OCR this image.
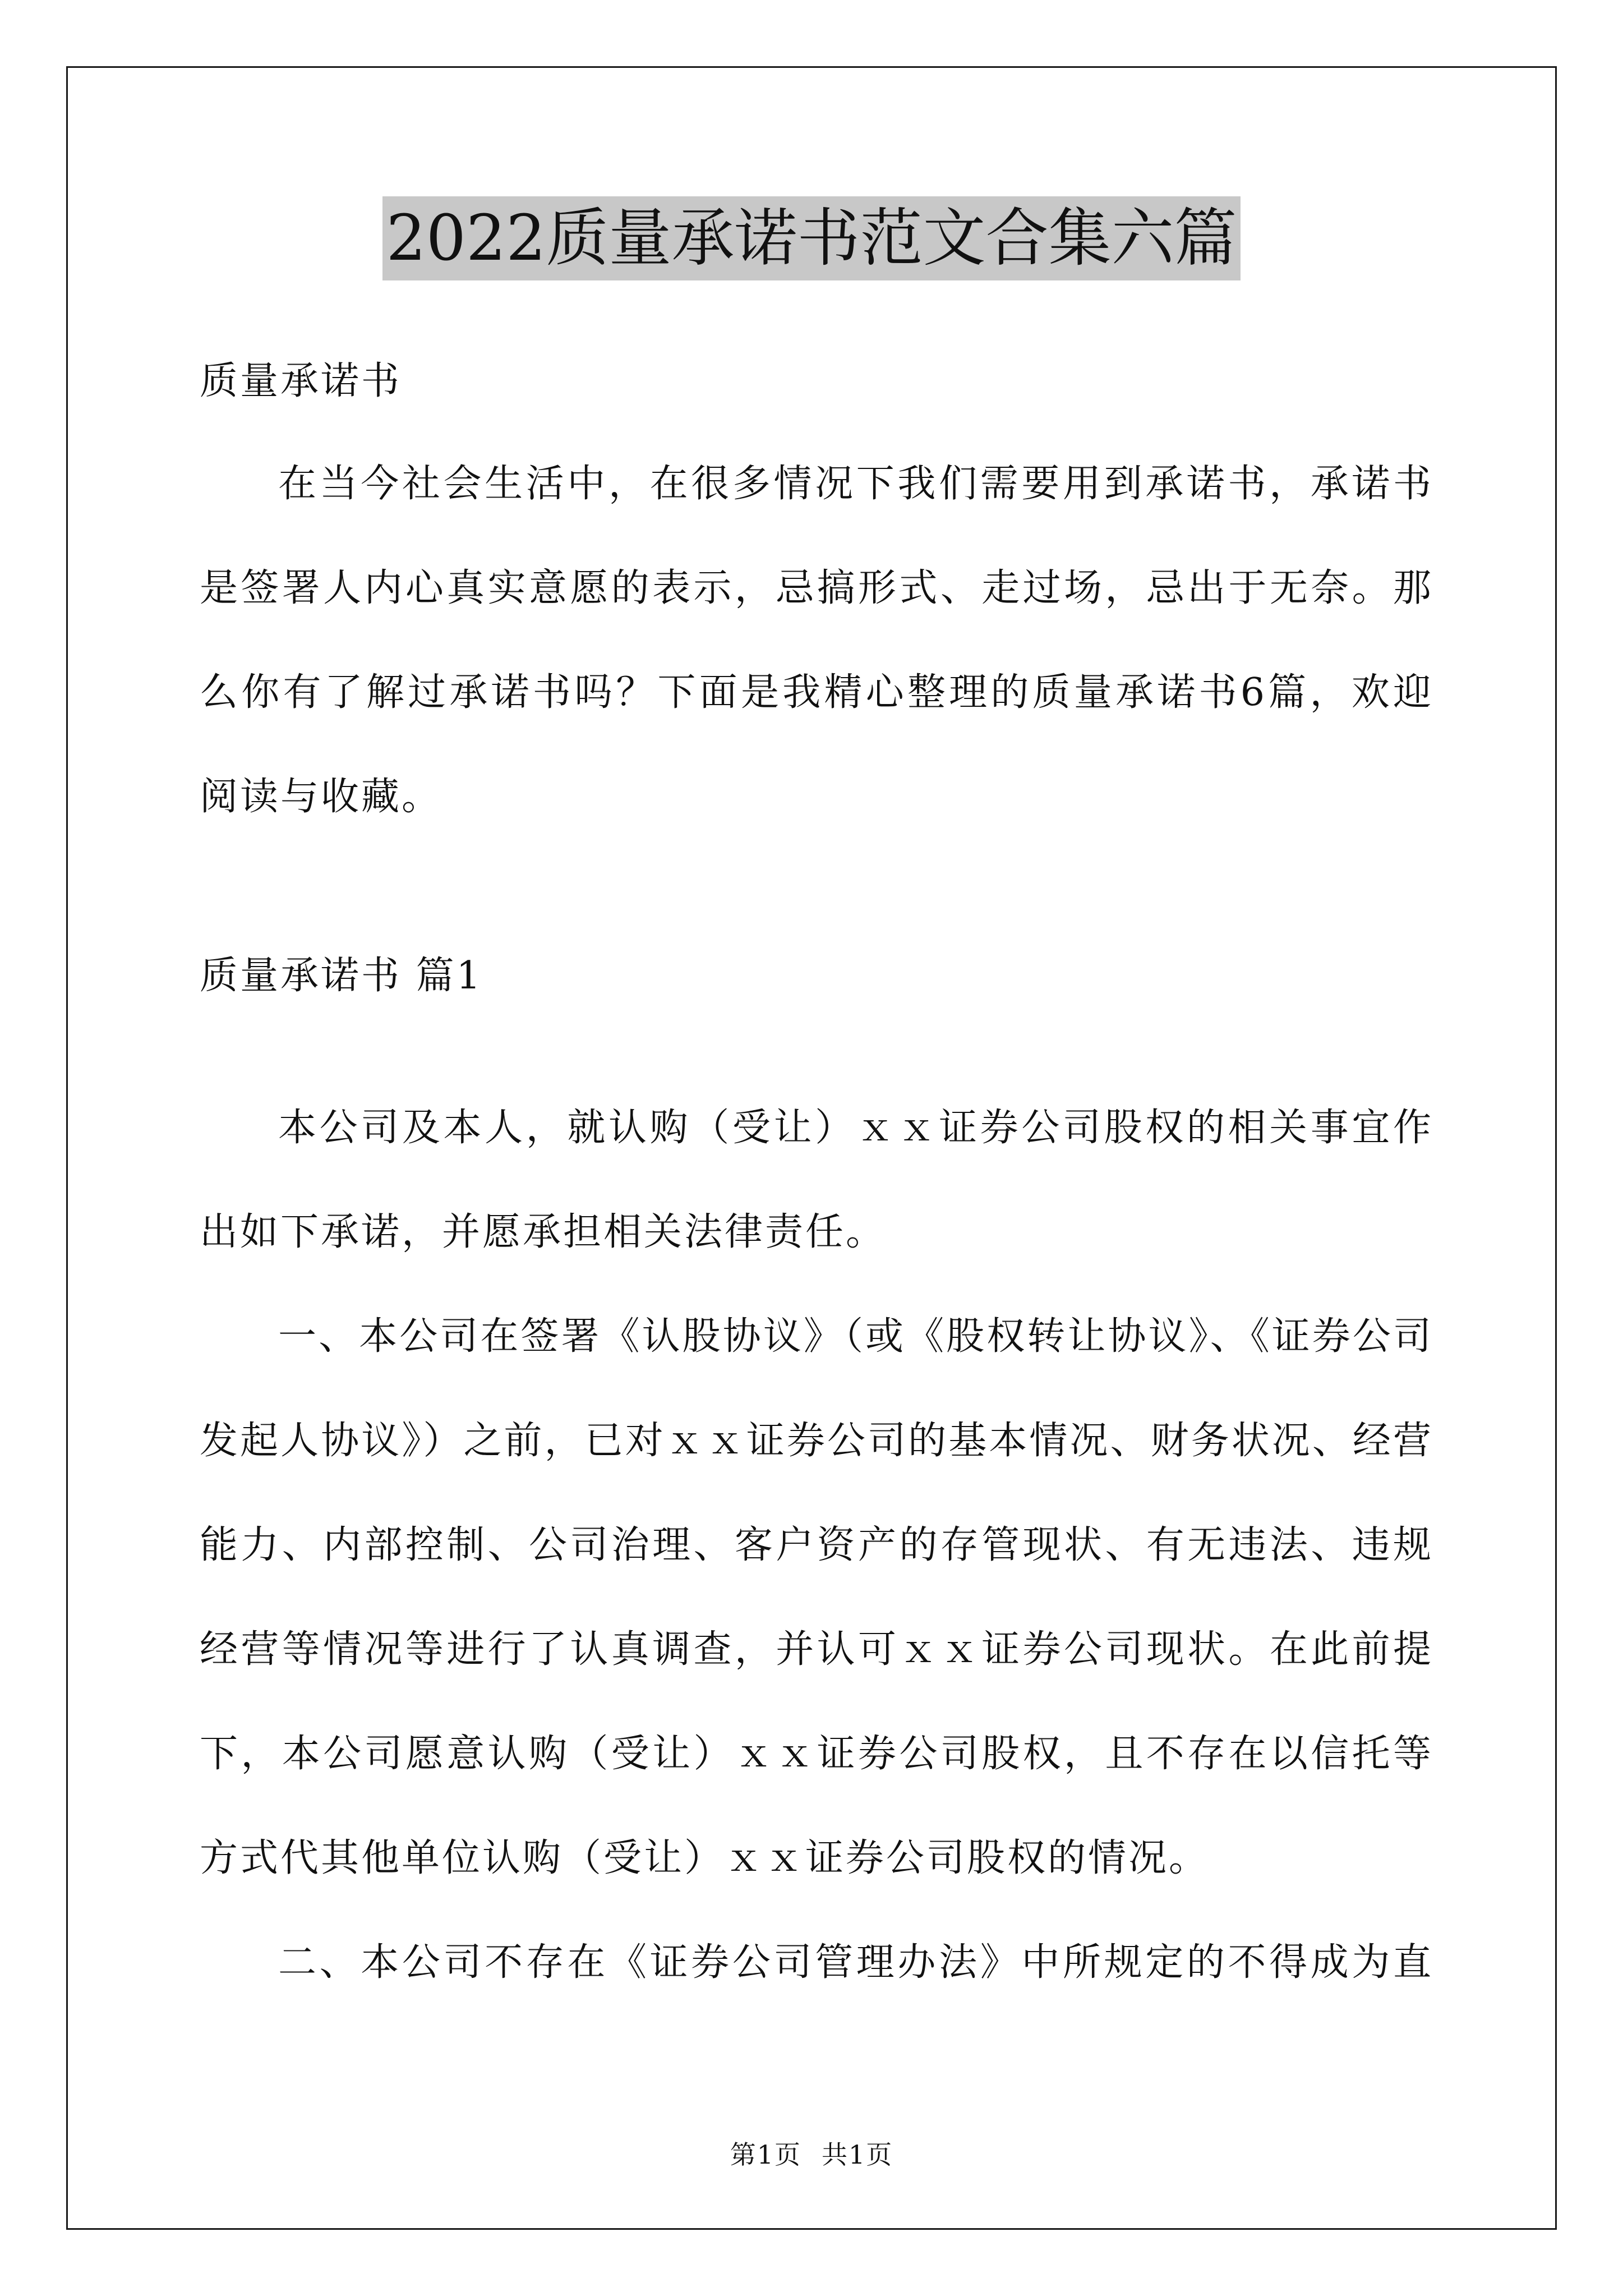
2022质量承诺书范文合集六篇
质量承诺书
在当今社会生活中，在很多情况下我们需要用到承诺书，承诺书
是签署人内心真实意愿的表示，忌搞形式、走过场，忌出于无奈。那
么你有了解过承诺书吗？下面是我精心整理的质量承诺书6篇，欢迎
阅读与收藏。
质量承诺书 篇1
本公司及本人，就认购（受让）ｘｘ证券公司股权的相关事宜作
出如下承诺，并愿承担相关法律责任。
一、本公司在签署《认股协议》（或《股权转让协议》、《证券公司
发起人协议》）之前，已对ｘｘ证券公司的基本情况、财务状况、经营
能力、内部控制、公司治理、客户资产的存管现状、有无违法、违规
经营等情况等进行了认真调查，并认可ｘｘ证券公司现状。在此前提
下，本公司愿意认购（受让）ｘｘ证券公司股权，且不存在以信托等
方式代其他单位认购（受让）ｘｘ证券公司股权的情况。
二、本公司不存在《证券公司管理办法》中所规定的不得成为直
第1页 共1页
